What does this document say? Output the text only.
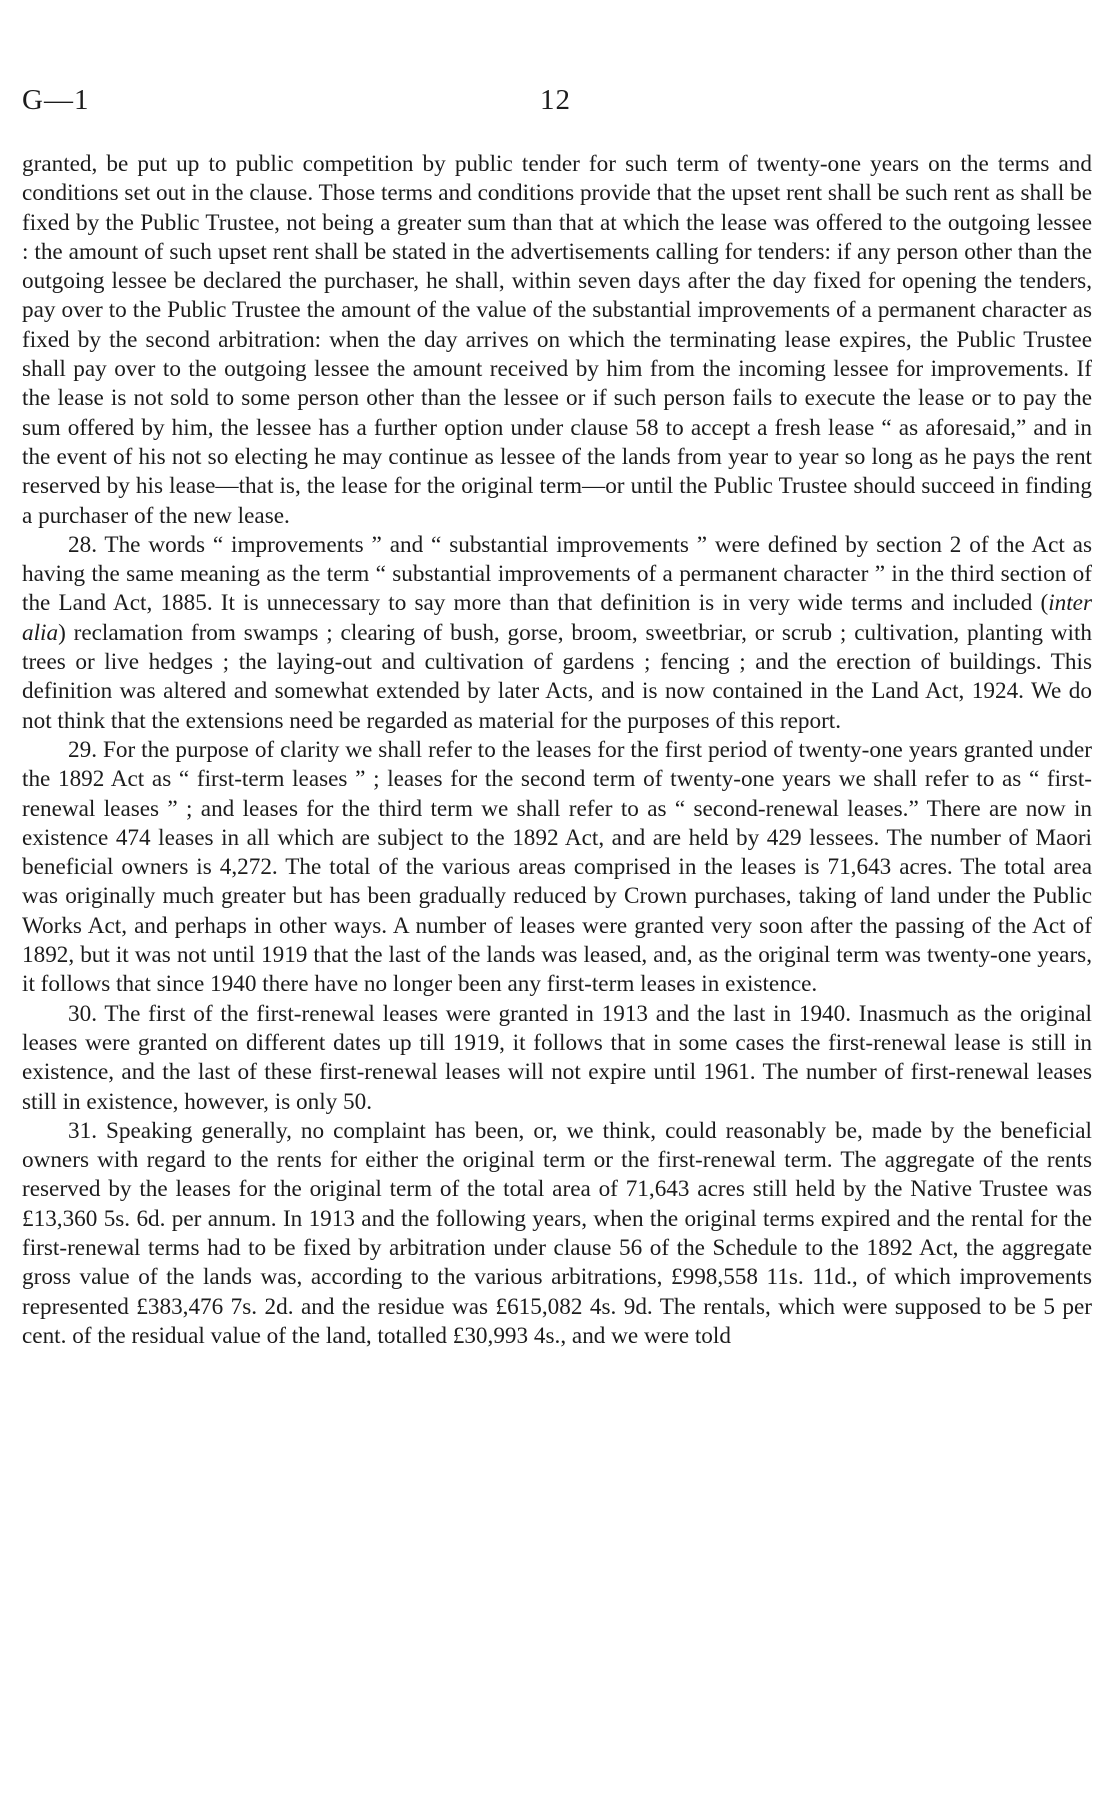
G—1	12

granted, be put up to public competition by public tender for such term of twenty-one years on the terms and conditions set out in the clause. Those terms and conditions provide that the upset rent shall be such rent as shall be fixed by the Public Trustee, not being a greater sum than that at which the lease was offered to the outgoing lessee : the amount of such upset rent shall be stated in the advertisements calling for tenders: if any person other than the outgoing lessee be declared the purchaser, he shall, within seven days after the day fixed for opening the tenders, pay over to the Public Trustee the amount of the value of the substantial improvements of a permanent character as fixed by the second arbitration: when the day arrives on which the terminating lease expires, the Public Trustee shall pay over to the outgoing lessee the amount received by him from the incoming lessee for improvements. If the lease is not sold to some person other than the lessee or if such person fails to execute the lease or to pay the sum offered by him, the lessee has a further option under clause 58 to accept a fresh lease “ as aforesaid,” and in the event of his not so electing he may continue as lessee of the lands from year to year so long as he pays the rent reserved by his lease—that is, the lease for the original term—or until the Public Trustee should succeed in finding a purchaser of the new lease.

28. The words “ improvements ” and “ substantial improvements ” were defined by section 2 of the Act as having the same meaning as the term “ substantial improvements of a permanent character ” in the third section of the Land Act, 1885. It is unnecessary to say more than that definition is in very wide terms and included (inter alia) reclamation from swamps ; clearing of bush, gorse, broom, sweetbriar, or scrub ; cultivation, planting with trees or live hedges ; the laying-out and cultivation of gardens ; fencing ; and the erection of buildings. This definition was altered and somewhat extended by later Acts, and is now contained in the Land Act, 1924. We do not think that the extensions need be regarded as material for the purposes of this report.

29. For the purpose of clarity we shall refer to the leases for the first period of twenty-one years granted under the 1892 Act as “ first-term leases ” ; leases for the second term of twenty-one years we shall refer to as “ first-renewal leases ” ; and leases for the third term we shall refer to as “ second-renewal leases.” There are now in existence 474 leases in all which are subject to the 1892 Act, and are held by 429 lessees. The number of Maori beneficial owners is 4,272. The total of the various areas comprised in the leases is 71,643 acres. The total area was originally much greater but has been gradually reduced by Crown purchases, taking of land under the Public Works Act, and perhaps in other ways. A number of leases were granted very soon after the passing of the Act of 1892, but it was not until 1919 that the last of the lands was leased, and, as the original term was twenty-one years, it follows that since 1940 there have no longer been any first-term leases in existence.

30. The first of the first-renewal leases were granted in 1913 and the last in 1940. Inasmuch as the original leases were granted on different dates up till 1919, it follows that in some cases the first-renewal lease is still in existence, and the last of these first-renewal leases will not expire until 1961. The number of first-renewal leases still in existence, however, is only 50.

31. Speaking generally, no complaint has been, or, we think, could reasonably be, made by the beneficial owners with regard to the rents for either the original term or the first-renewal term. The aggregate of the rents reserved by the leases for the original term of the total area of 71,643 acres still held by the Native Trustee was £13,360 5s. 6d. per annum. In 1913 and the following years, when the original terms expired and the rental for the first-renewal terms had to be fixed by arbitration under clause 56 of the Schedule to the 1892 Act, the aggregate gross value of the lands was, according to the various arbitrations, £998,558 11s. 11d., of which improvements represented £383,476 7s. 2d. and the residue was £615,082 4s. 9d. The rentals, which were supposed to be 5 per cent. of the residual value of the land, totalled £30,993 4s., and we were told
